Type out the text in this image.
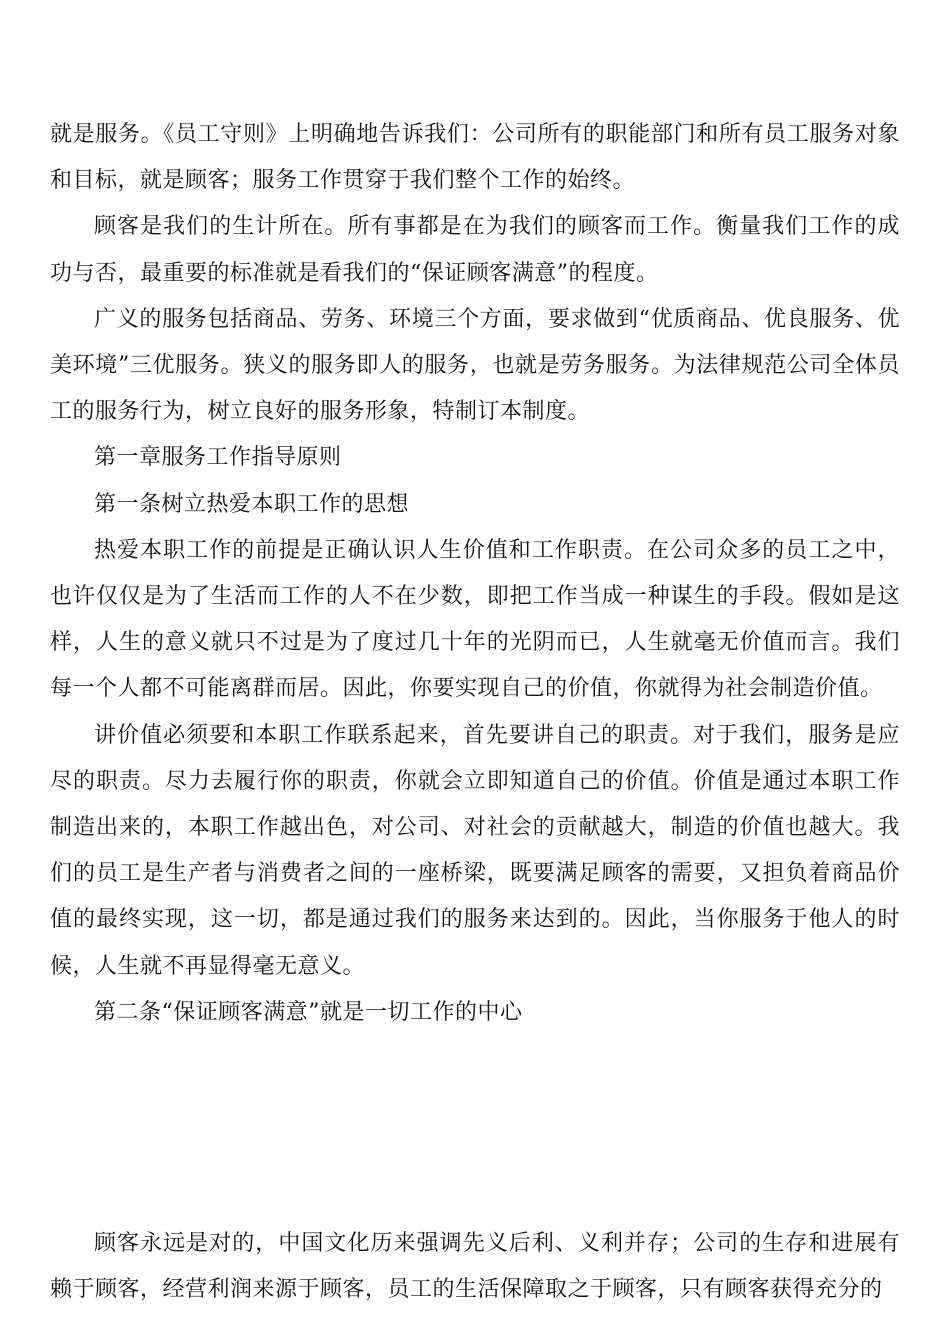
就是服务。《员工守则》上明确地告诉我们：公司所有的职能部门和所有员工服务对象和目标，就是顾客；服务工作贯穿于我们整个工作的始终。

顾客是我们的生计所在。所有事都是在为我们的顾客而工作。衡量我们工作的成功与否，最重要的标准就是看我们的“保证顾客满意”的程度。

广义的服务包括商品、劳务、环境三个方面，要求做到“优质商品、优良服务、优美环境”三优服务。狭义的服务即人的服务，也就是劳务服务。为法律规范公司全体员工的服务行为，树立良好的服务形象，特制订本制度。

第一章服务工作指导原则

第一条树立热爱本职工作的思想

热爱本职工作的前提是正确认识人生价值和工作职责。在公司众多的员工之中，也许仅仅是为了生活而工作的人不在少数，即把工作当成一种谋生的手段。假如是这样，人生的意义就只不过是为了度过几十年的光阴而已，人生就毫无价值而言。我们每一个人都不可能离群而居。因此，你要实现自己的价值，你就得为社会制造价值。

讲价值必须要和本职工作联系起来，首先要讲自己的职责。对于我们，服务是应尽的职责。尽力去履行你的职责，你就会立即知道自己的价值。价值是通过本职工作制造出来的，本职工作越出色，对公司、对社会的贡献越大，制造的价值也越大。我们的员工是生产者与消费者之间的一座桥梁，既要满足顾客的需要，又担负着商品价值的最终实现，这一切，都是通过我们的服务来达到的。因此，当你服务于他人的时候，人生就不再显得毫无意义。

第二条“保证顾客满意”就是一切工作的中心

顾客永远是对的，中国文化历来强调先义后利、义利并存；公司的生存和进展有赖于顾客，经营利润来源于顾客，员工的生活保障取之于顾客，只有顾客获得充分的
